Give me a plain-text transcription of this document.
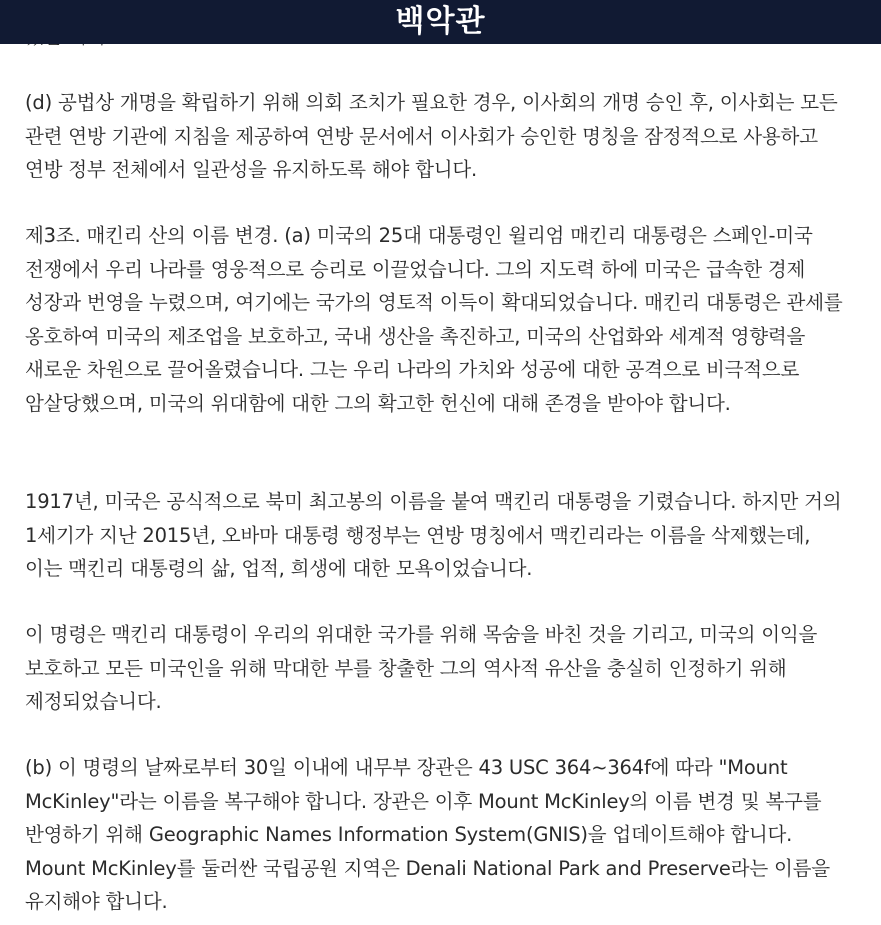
백악관

(d) 공법상 개명을 확립하기 위해 의회 조치가 필요한 경우, 이사회의 개명 승인 후, 이사회는 모든 관련 연방 기관에 지침을 제공하여 연방 문서에서 이사회가 승인한 명칭을 잠정적으로 사용하고 연방 정부 전체에서 일관성을 유지하도록 해야 합니다.

제3조. 매킨리 산의 이름 변경. (a) 미국의 25대 대통령인 윌리엄 매킨리 대통령은 스페인-미국 전쟁에서 우리 나라를 영웅적으로 승리로 이끌었습니다. 그의 지도력 하에 미국은 급속한 경제 성장과 번영을 누렸으며, 여기에는 국가의 영토적 이득이 확대되었습니다. 매킨리 대통령은 관세를 옹호하여 미국의 제조업을 보호하고, 국내 생산을 촉진하고, 미국의 산업화와 세계적 영향력을 새로운 차원으로 끌어올렸습니다. 그는 우리 나라의 가치와 성공에 대한 공격으로 비극적으로 암살당했으며, 미국의 위대함에 대한 그의 확고한 헌신에 대해 존경을 받아야 합니다.

1917년, 미국은 공식적으로 북미 최고봉의 이름을 붙여 맥킨리 대통령을 기렸습니다. 하지만 거의 1세기가 지난 2015년, 오바마 대통령 행정부는 연방 명칭에서 맥킨리라는 이름을 삭제했는데, 이는 맥킨리 대통령의 삶, 업적, 희생에 대한 모욕이었습니다.

이 명령은 맥킨리 대통령이 우리의 위대한 국가를 위해 목숨을 바친 것을 기리고, 미국의 이익을 보호하고 모든 미국인을 위해 막대한 부를 창출한 그의 역사적 유산을 충실히 인정하기 위해 제정되었습니다.

(b) 이 명령의 날짜로부터 30일 이내에 내무부 장관은 43 USC 364~364f에 따라 "Mount McKinley"라는 이름을 복구해야 합니다. 장관은 이후 Mount McKinley의 이름 변경 및 복구를 반영하기 위해 Geographic Names Information System(GNIS)을 업데이트해야 합니다. Mount McKinley를 둘러싼 국립공원 지역은 Denali National Park and Preserve라는 이름을 유지해야 합니다.
